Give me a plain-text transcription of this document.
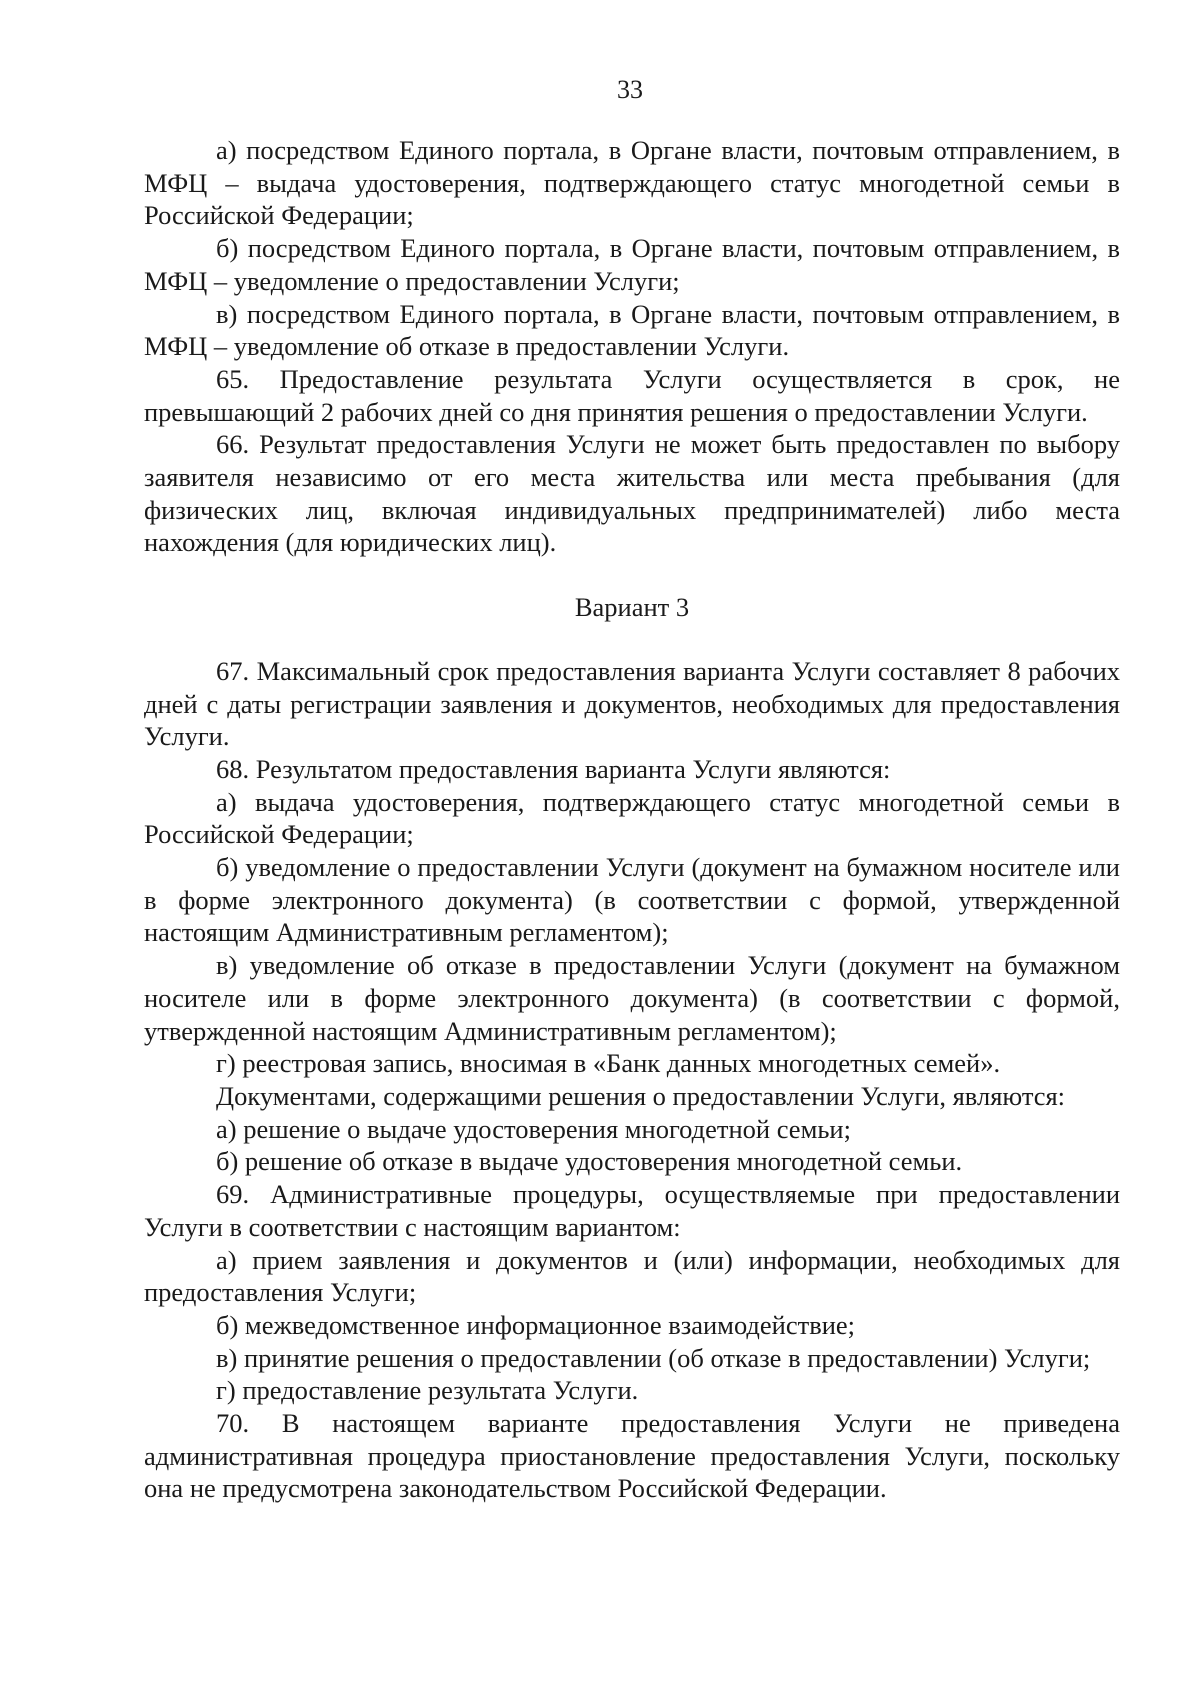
33

а) посредством Единого портала, в Органе власти, почтовым отправлением, в МФЦ – выдача удостоверения, подтверждающего статус многодетной семьи в Российской Федерации;

б) посредством Единого портала, в Органе власти, почтовым отправлением, в МФЦ – уведомление о предоставлении Услуги;

в) посредством Единого портала, в Органе власти, почтовым отправлением, в МФЦ – уведомление об отказе в предоставлении Услуги.

65. Предоставление результата Услуги осуществляется в срок, не превышающий 2 рабочих дней со дня принятия решения о предоставлении Услуги.

66. Результат предоставления Услуги не может быть предоставлен по выбору заявителя независимо от его места жительства или места пребывания (для физических лиц, включая индивидуальных предпринимателей) либо места нахождения (для юридических лиц).

Вариант 3

67. Максимальный срок предоставления варианта Услуги составляет 8 рабочих дней с даты регистрации заявления и документов, необходимых для предоставления Услуги.

68. Результатом предоставления варианта Услуги являются:

а) выдача удостоверения, подтверждающего статус многодетной семьи в Российской Федерации;

б) уведомление о предоставлении Услуги (документ на бумажном носителе или в форме электронного документа) (в соответствии с формой, утвержденной настоящим Административным регламентом);

в) уведомление об отказе в предоставлении Услуги (документ на бумажном носителе или в форме электронного документа) (в соответствии с формой, утвержденной настоящим Административным регламентом);

г) реестровая запись, вносимая в «Банк данных многодетных семей».

Документами, содержащими решения о предоставлении Услуги, являются:

а) решение о выдаче удостоверения многодетной семьи;

б) решение об отказе в выдаче удостоверения многодетной семьи.

69. Административные процедуры, осуществляемые при предоставлении Услуги в соответствии с настоящим вариантом:

а) прием заявления и документов и (или) информации, необходимых для предоставления Услуги;

б) межведомственное информационное взаимодействие;

в) принятие решения о предоставлении (об отказе в предоставлении) Услуги;

г) предоставление результата Услуги.

70. В настоящем варианте предоставления Услуги не приведена административная процедура приостановление предоставления Услуги, поскольку она не предусмотрена законодательством Российской Федерации.
